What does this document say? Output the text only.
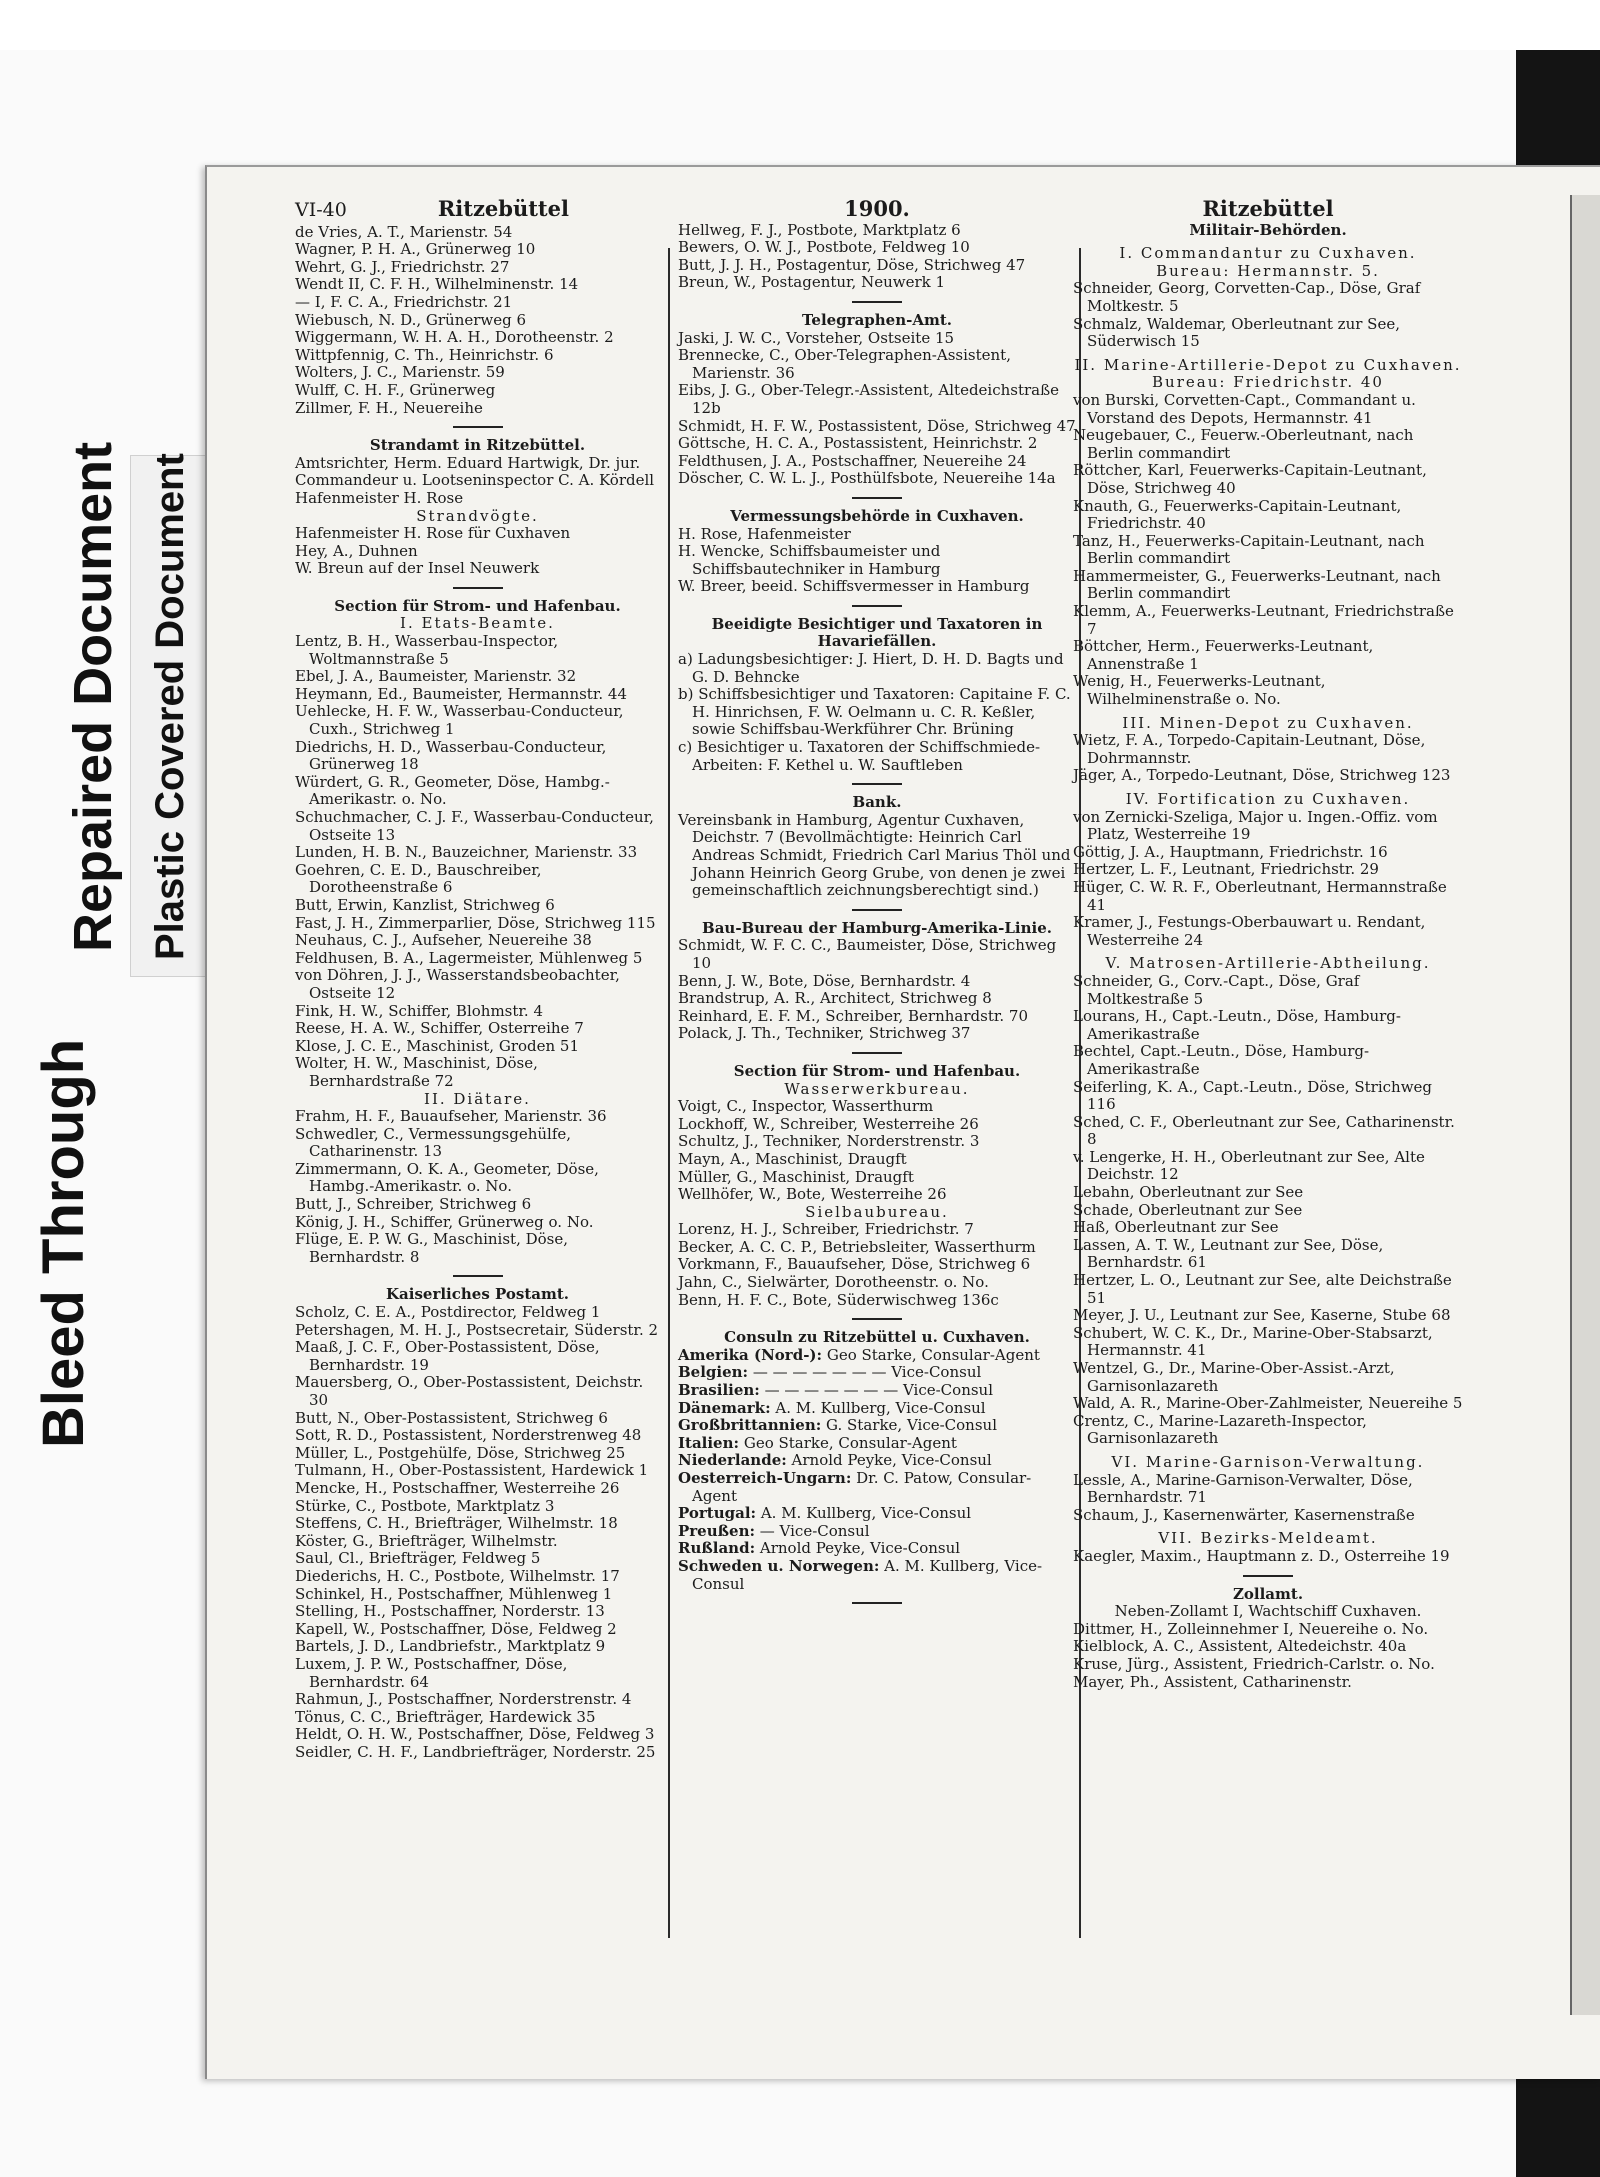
Bleed Through
Repaired Document Plastic Covered Document
VI-40	Ritzebüttel
de Vries, A. T., Marienstr. 54
Wagner, P. H. A., Grünerweg 10
Wehrt, G. J., Friedrichstr. 27
Wendt II, C. F. H., Wilhelminenstr. 14
— I, F. C. A., Friedrichstr. 21
Wiebusch, N. D., Grünerweg 6
Wiggermann, W. H. A. H., Dorotheenstr. 2
Wittpfennig, C. Th., Heinrichstr. 6
Wolters, J. C., Marienstr. 59
Wulff, C. H. F., Grünerweg
Zillmer, F. H., Neuereihe
Strandamt in Ritzebüttel.
Amtsrichter, Herm. Eduard Hartwigk, Dr. jur.
Commandeur u. Lootseninspector C. A. Kördell
Hafenmeister H. Rose
Strandvögte.
Hafenmeister H. Rose für Cuxhaven
Hey, A., Duhnen
W. Breun auf der Insel Neuwerk
Section für Strom- und Hafenbau.
I. Etats-Beamte.
Lentz, B. H., Wasserbau-Inspector, Woltmannstraße 5
Ebel, J. A., Baumeister, Marienstr. 32
Heymann, Ed., Baumeister, Hermannstr. 44
Uehlecke, H. F. W., Wasserbau-Conducteur, Cuxh., Strichweg 1
Diedrichs, H. D., Wasserbau-Conducteur, Grünerweg 18
Würdert, G. R., Geometer, Döse, Hambg.-Amerikastr. o. No.
Schuchmacher, C. J. F., Wasserbau-Conducteur, Ostseite 13
Lunden, H. B. N., Bauzeichner, Marienstr. 33
Goehren, C. E. D., Bauschreiber, Dorotheenstraße 6
Butt, Erwin, Kanzlist, Strichweg 6
Fast, J. H., Zimmerparlier, Döse, Strichweg 115
Neuhaus, C. J., Aufseher, Neuereihe 38
Feldhusen, B. A., Lagermeister, Mühlenweg 5
von Döhren, J. J., Wasserstandsbeobachter, Ostseite 12
Fink, H. W., Schiffer, Blohmstr. 4
Reese, H. A. W., Schiffer, Osterreihe 7
Klose, J. C. E., Maschinist, Groden 51
Wolter, H. W., Maschinist, Döse, Bernhardstraße 72
II. Diätare.
Frahm, H. F., Bauaufseher, Marienstr. 36
Schwedler, C., Vermessungsgehülfe, Catharinenstr. 13
Zimmermann, O. K. A., Geometer, Döse, Hambg.-Amerikastr. o. No.
Butt, J., Schreiber, Strichweg 6
König, J. H., Schiffer, Grünerweg o. No.
Flüge, E. P. W. G., Maschinist, Döse, Bernhardstr. 8
Kaiserliches Postamt.
Scholz, C. E. A., Postdirector, Feldweg 1
Petershagen, M. H. J., Postsecretair, Süderstr. 2
Maaß, J. C. F., Ober-Postassistent, Döse, Bernhardstr. 19
Mauersberg, O., Ober-Postassistent, Deichstr. 30
Butt, N., Ober-Postassistent, Strichweg 6
Sott, R. D., Postassistent, Norderstrenweg 48
Müller, L., Postgehülfe, Döse, Strichweg 25
Tulmann, H., Ober-Postassistent, Hardewick 1
Mencke, H., Postschaffner, Westerreihe 26
Stürke, C., Postbote, Marktplatz 3
Steffens, C. H., Briefträger, Wilhelmstr. 18
Köster, G., Briefträger, Wilhelmstr.
Saul, Cl., Briefträger, Feldweg 5
Diederichs, H. C., Postbote, Wilhelmstr. 17
Schinkel, H., Postschaffner, Mühlenweg 1
Stelling, H., Postschaffner, Norderstr. 13
Kapell, W., Postschaffner, Döse, Feldweg 2
Bartels, J. D., Landbriefstr., Marktplatz 9
Luxem, J. P. W., Postschaffner, Döse, Bernhardstr. 64
Rahmun, J., Postschaffner, Norderstrenstr. 4
Tönus, C. C., Briefträger, Hardewick 35
Heldt, O. H. W., Postschaffner, Döse, Feldweg 3
Seidler, C. H. F., Landbriefträger, Norderstr. 25
1900.
Hellweg, F. J., Postbote, Marktplatz 6
Bewers, O. W. J., Postbote, Feldweg 10
Butt, J. J. H., Postagentur, Döse, Strichweg 47
Breun, W., Postagentur, Neuwerk 1
Telegraphen-Amt.
Jaski, J. W. C., Vorsteher, Ostseite 15
Brennecke, C., Ober-Telegraphen-Assistent, Marienstr. 36
Eibs, J. G., Ober-Telegr.-Assistent, Altedeichstraße 12b
Schmidt, H. F. W., Postassistent, Döse, Strichweg 47
Göttsche, H. C. A., Postassistent, Heinrichstr. 2
Feldthusen, J. A., Postschaffner, Neuereihe 24
Döscher, C. W. L. J., Posthülfsbote, Neuereihe 14a
Vermessungsbehörde in Cuxhaven.
H. Rose, Hafenmeister
H. Wencke, Schiffsbaumeister und Schiffsbautechniker in Hamburg
W. Breer, beeid. Schiffsvermesser in Hamburg
Beeidigte Besichtiger und Taxatoren in Havariefällen.
a) Ladungsbesichtiger: J. Hiert, D. H. D. Bagts und G. D. Behncke
b) Schiffsbesichtiger und Taxatoren: Capitaine F. C. H. Hinrichsen, F. W. Oelmann u. C. R. Keßler, sowie Schiffsbau-Werkführer Chr. Brüning
c) Besichtiger u. Taxatoren der Schiffschmiede-Arbeiten: F. Kethel u. W. Sauftleben
Bank.
Vereinsbank in Hamburg, Agentur Cuxhaven, Deichstr. 7 (Bevollmächtigte: Heinrich Carl Andreas Schmidt, Friedrich Carl Marius Thöl und Johann Heinrich Georg Grube, von denen je zwei gemeinschaftlich zeichnungsberechtigt sind.)
Bau-Bureau der Hamburg-Amerika-Linie.
Schmidt, W. F. C. C., Baumeister, Döse, Strichweg 10
Benn, J. W., Bote, Döse, Bernhardstr. 4
Brandstrup, A. R., Architect, Strichweg 8
Reinhard, E. F. M., Schreiber, Bernhardstr. 70
Polack, J. Th., Techniker, Strichweg 37
Section für Strom- und Hafenbau.
Wasserwerkbureau.
Voigt, C., Inspector, Wasserthurm
Lockhoff, W., Schreiber, Westerreihe 26
Schultz, J., Techniker, Norderstrenstr. 3
Mayn, A., Maschinist, Draugft
Müller, G., Maschinist, Draugft
Wellhöfer, W., Bote, Westerreihe 26
Sielbaubureau.
Lorenz, H. J., Schreiber, Friedrichstr. 7
Becker, A. C. C. P., Betriebsleiter, Wasserthurm
Vorkmann, F., Bauaufseher, Döse, Strichweg 6
Jahn, C., Sielwärter, Dorotheenstr. o. No.
Benn, H. F. C., Bote, Süderwischweg 136c
Consuln zu Ritzebüttel u. Cuxhaven.
Amerika (Nord-): Geo Starke, Consular-Agent
Belgien: — — — — — — — Vice-Consul
Brasilien: — — — — — — — Vice-Consul
Dänemark: A. M. Kullberg, Vice-Consul
Großbrittannien: G. Starke, Vice-Consul
Italien: Geo Starke, Consular-Agent
Niederlande: Arnold Peyke, Vice-Consul
Oesterreich-Ungarn: Dr. C. Patow, Consular-Agent
Portugal: A. M. Kullberg, Vice-Consul
Preußen: — Vice-Consul
Rußland: Arnold Peyke, Vice-Consul
Schweden u. Norwegen: A. M. Kullberg, Vice-Consul
Ritzebüttel
Militair-Behörden.
I. Commandantur zu Cuxhaven.
Bureau: Hermannstr. 5.
Schneider, Georg, Corvetten-Cap., Döse, Graf Moltkestr. 5
Schmalz, Waldemar, Oberleutnant zur See, Süderwisch 15
II. Marine-Artillerie-Depot zu Cuxhaven.
Bureau: Friedrichstr. 40
von Burski, Corvetten-Capt., Commandant u. Vorstand des Depots, Hermannstr. 41
Neugebauer, C., Feuerw.-Oberleutnant, nach Berlin commandirt
Röttcher, Karl, Feuerwerks-Capitain-Leutnant, Döse, Strichweg 40
Knauth, G., Feuerwerks-Capitain-Leutnant, Friedrichstr. 40
Tanz, H., Feuerwerks-Capitain-Leutnant, nach Berlin commandirt
Hammermeister, G., Feuerwerks-Leutnant, nach Berlin commandirt
Klemm, A., Feuerwerks-Leutnant, Friedrichstraße 7
Böttcher, Herm., Feuerwerks-Leutnant, Annenstraße 1
Wenig, H., Feuerwerks-Leutnant, Wilhelminenstraße o. No.
III. Minen-Depot zu Cuxhaven.
Wietz, F. A., Torpedo-Capitain-Leutnant, Döse, Dohrmannstr.
Jäger, A., Torpedo-Leutnant, Döse, Strichweg 123
IV. Fortification zu Cuxhaven.
von Zernicki-Szeliga, Major u. Ingen.-Offiz. vom Platz, Westerreihe 19
Göttig, J. A., Hauptmann, Friedrichstr. 16
Hertzer, L. F., Leutnant, Friedrichstr. 29
Hüger, C. W. R. F., Oberleutnant, Hermannstraße 41
Kramer, J., Festungs-Oberbauwart u. Rendant, Westerreihe 24
V. Matrosen-Artillerie-Abtheilung.
Schneider, G., Corv.-Capt., Döse, Graf Moltkestraße 5
Lourans, H., Capt.-Leutn., Döse, Hamburg-Amerikastraße
Bechtel, Capt.-Leutn., Döse, Hamburg-Amerikastraße
Seiferling, K. A., Capt.-Leutn., Döse, Strichweg 116
Sched, C. F., Oberleutnant zur See, Catharinenstr. 8
v. Lengerke, H. H., Oberleutnant zur See, Alte Deichstr. 12
Lebahn, Oberleutnant zur See
Schade, Oberleutnant zur See
Haß, Oberleutnant zur See
Lassen, A. T. W., Leutnant zur See, Döse, Bernhardstr. 61
Hertzer, L. O., Leutnant zur See, alte Deichstraße 51
Meyer, J. U., Leutnant zur See, Kaserne, Stube 68
Schubert, W. C. K., Dr., Marine-Ober-Stabsarzt, Hermannstr. 41
Wentzel, G., Dr., Marine-Ober-Assist.-Arzt, Garnisonlazareth
Wald, A. R., Marine-Ober-Zahlmeister, Neuereihe 5
Crentz, C., Marine-Lazareth-Inspector, Garnisonlazareth
VI. Marine-Garnison-Verwaltung.
Lessle, A., Marine-Garnison-Verwalter, Döse, Bernhardstr. 71
Schaum, J., Kasernenwärter, Kasernenstraße
VII. Bezirks-Meldeamt.
Kaegler, Maxim., Hauptmann z. D., Osterreihe 19
Zollamt.
Neben-Zollamt I, Wachtschiff Cuxhaven.
Dittmer, H., Zolleinnehmer I, Neuereihe o. No.
Kielblock, A. C., Assistent, Altedeichstr. 40a
Kruse, Jürg., Assistent, Friedrich-Carlstr. o. No.
Mayer, Ph., Assistent, Catharinenstr.
